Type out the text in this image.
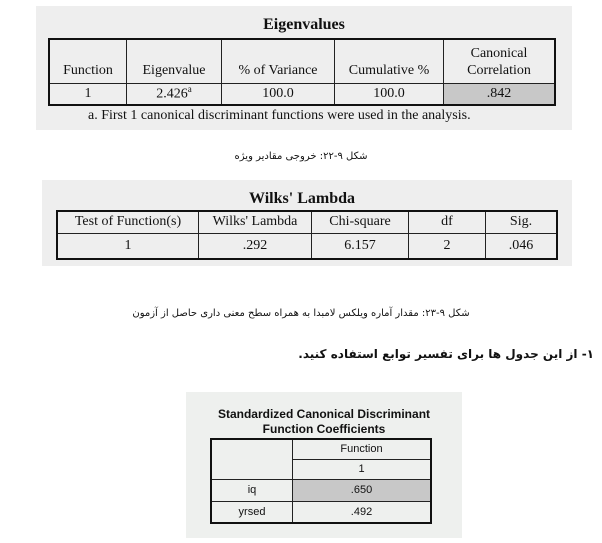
Eigenvalues
Function	Eigenvalue	% of Variance	Cumulative %	Canonical Correlation
1	2.426$^a$	100.0	100.0	.842
a. First 1 canonical discriminant functions were used in the analysis.
شکل ۹-۲۲: خروجی مقادیر ویژه
Wilks' Lambda
Test of Function(s)	Wilks' Lambda	Chi-square	df	Sig.
1	.292	6.157	2	.046
شکل ۹-۲۳: مقدار آماره ویلکس لامبدا به همراه سطح معنی داری حاصل از آزمون
۱- از این جدول ها برای تفسیر توابع استفاده کنید.
Standardized Canonical Discriminant
Function Coefficients
	Function
	1
iq	.650
yrsed	.492
